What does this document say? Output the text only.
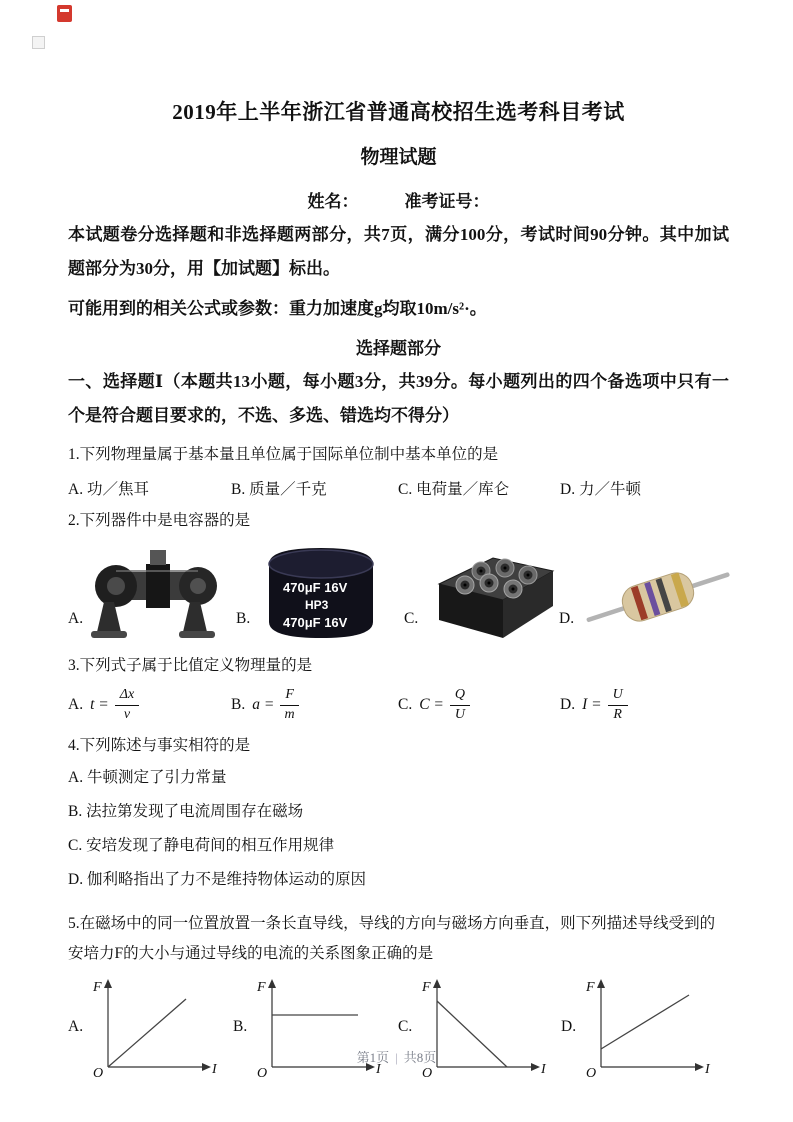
2019年上半年浙江省普通高校招生选考科目考试
物理试题
姓名：	准考证号：
本试题卷分选择题和非选择题两部分，共7页，满分100分，考试时间90分钟。其中加试题部分为30分，用【加试题】标出。
可能用到的相关公式或参数：重力加速度g均取10m/s²·。
选择题部分
一、选择题Ⅰ（本题共13小题，每小题3分，共39分。每小题列出的四个备选项中只有一个是符合题目要求的，不选、多选、错选均不得分）
1.下列物理量属于基本量且单位属于国际单位制中基本单位的是
A. 功／焦耳	B. 质量／千克	C. 电荷量／库仑	D. 力／牛顿
2.下列器件中是电容器的是
A.	B.
470μF 16V
HP3
470μF 16V	C.	D.
3.下列式子属于比值定义物理量的是
A. $t = \frac{\Delta x}{v}$	B. $a = \frac{F}{m}$	C. $C = \frac{Q}{U}$	D. $I = \frac{U}{R}$
4.下列陈述与事实相符的是
A. 牛顿测定了引力常量
B. 法拉第发现了电流周围存在磁场
C. 安培发现了静电荷间的相互作用规律
D. 伽利略指出了力不是维持物体运动的原因
5.在磁场中的同一位置放置一条长直导线，导线的方向与磁场方向垂直，则下列描述导线受到的安培力F的大小与通过导线的电流的关系图象正确的是
A.
F
I
O
B.
F
I
O
C.
F
I
O
D.
F
I
O
第1页 | 共8页
